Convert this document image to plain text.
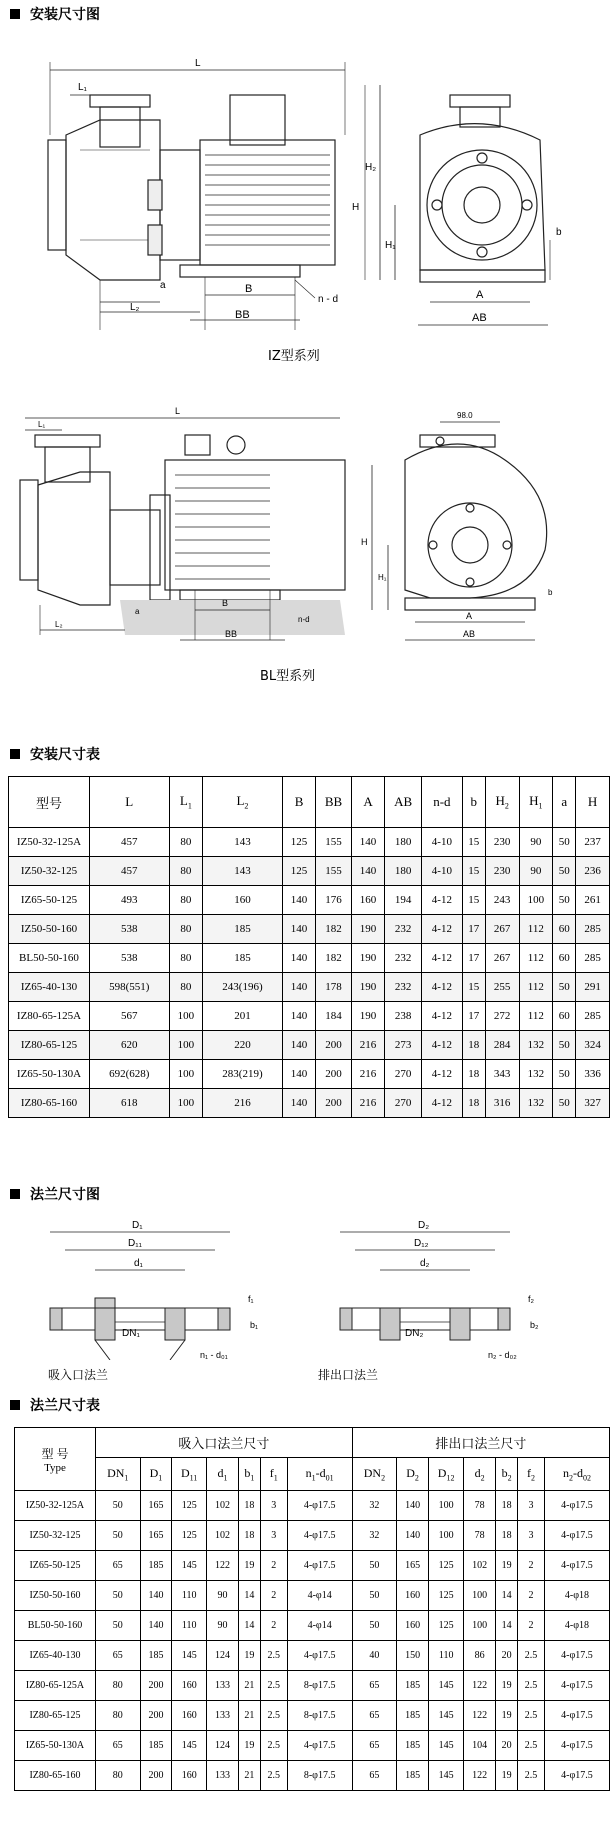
安装尺寸图
L
L₁
B
BB
a
L₂
n - d
H₂
H₁
H
A
AB
b
IZ型系列
L
L₁
B
BB
n-d
a
L₂
98.0
H
H₁
A
AB
b
BL型系列
安装尺寸表
型号	L	$L_1$	$L_2$	B	BB	A	AB	n-d	b	$H_2$	$H_1$	a	H
IZ50-32-125A	457	80	143	125	155	140	180	4-10	15	230	90	50	237
IZ50-32-125	457	80	143	125	155	140	180	4-10	15	230	90	50	236
IZ65-50-125	493	80	160	140	176	160	194	4-12	15	243	100	50	261
IZ50-50-160	538	80	185	140	182	190	232	4-12	17	267	112	60	285
BL50-50-160	538	80	185	140	182	190	232	4-12	17	267	112	60	285
IZ65-40-130	598(551)	80	243(196)	140	178	190	232	4-12	15	255	112	50	291
IZ80-65-125A	567	100	201	140	184	190	238	4-12	17	272	112	60	285
IZ80-65-125	620	100	220	140	200	216	273	4-12	18	284	132	50	324
IZ65-50-130A	692(628)	100	283(219)	140	200	216	270	4-12	18	343	132	50	336
IZ80-65-160	618	100	216	140	200	216	270	4-12	18	316	132	50	327
法兰尺寸图
D₁
D₁₁
d₁
DN₁
f₁
b₁
n₁ - d₀₁
D₂
D₁₂
d₂
DN₂
f₂
b₂
n₂ - d₀₂
吸入口法兰	排出口法兰
法兰尺寸表
型 号
Type	吸入口法兰尺寸							排出口法兰尺寸						
	$DN_1$	$D_1$	$D_{11}$	$d_1$	$b_1$	$f_1$	$n_1-d_{01}$	$DN_2$	$D_2$	$D_{12}$	$d_2$	$b_2$	$f_2$	$n_2-d_{02}$
IZ50-32-125A	50	165	125	102	18	3	4-φ17.5	32	140	100	78	18	3	4-φ17.5
IZ50-32-125	50	165	125	102	18	3	4-φ17.5	32	140	100	78	18	3	4-φ17.5
IZ65-50-125	65	185	145	122	19	2	4-φ17.5	50	165	125	102	19	2	4-φ17.5
IZ50-50-160	50	140	110	90	14	2	4-φ14	50	160	125	100	14	2	4-φ18
BL50-50-160	50	140	110	90	14	2	4-φ14	50	160	125	100	14	2	4-φ18
IZ65-40-130	65	185	145	124	19	2.5	4-φ17.5	40	150	110	86	20	2.5	4-φ17.5
IZ80-65-125A	80	200	160	133	21	2.5	8-φ17.5	65	185	145	122	19	2.5	4-φ17.5
IZ80-65-125	80	200	160	133	21	2.5	8-φ17.5	65	185	145	122	19	2.5	4-φ17.5
IZ65-50-130A	65	185	145	124	19	2.5	4-φ17.5	65	185	145	104	20	2.5	4-φ17.5
IZ80-65-160	80	200	160	133	21	2.5	8-φ17.5	65	185	145	122	19	2.5	4-φ17.5
